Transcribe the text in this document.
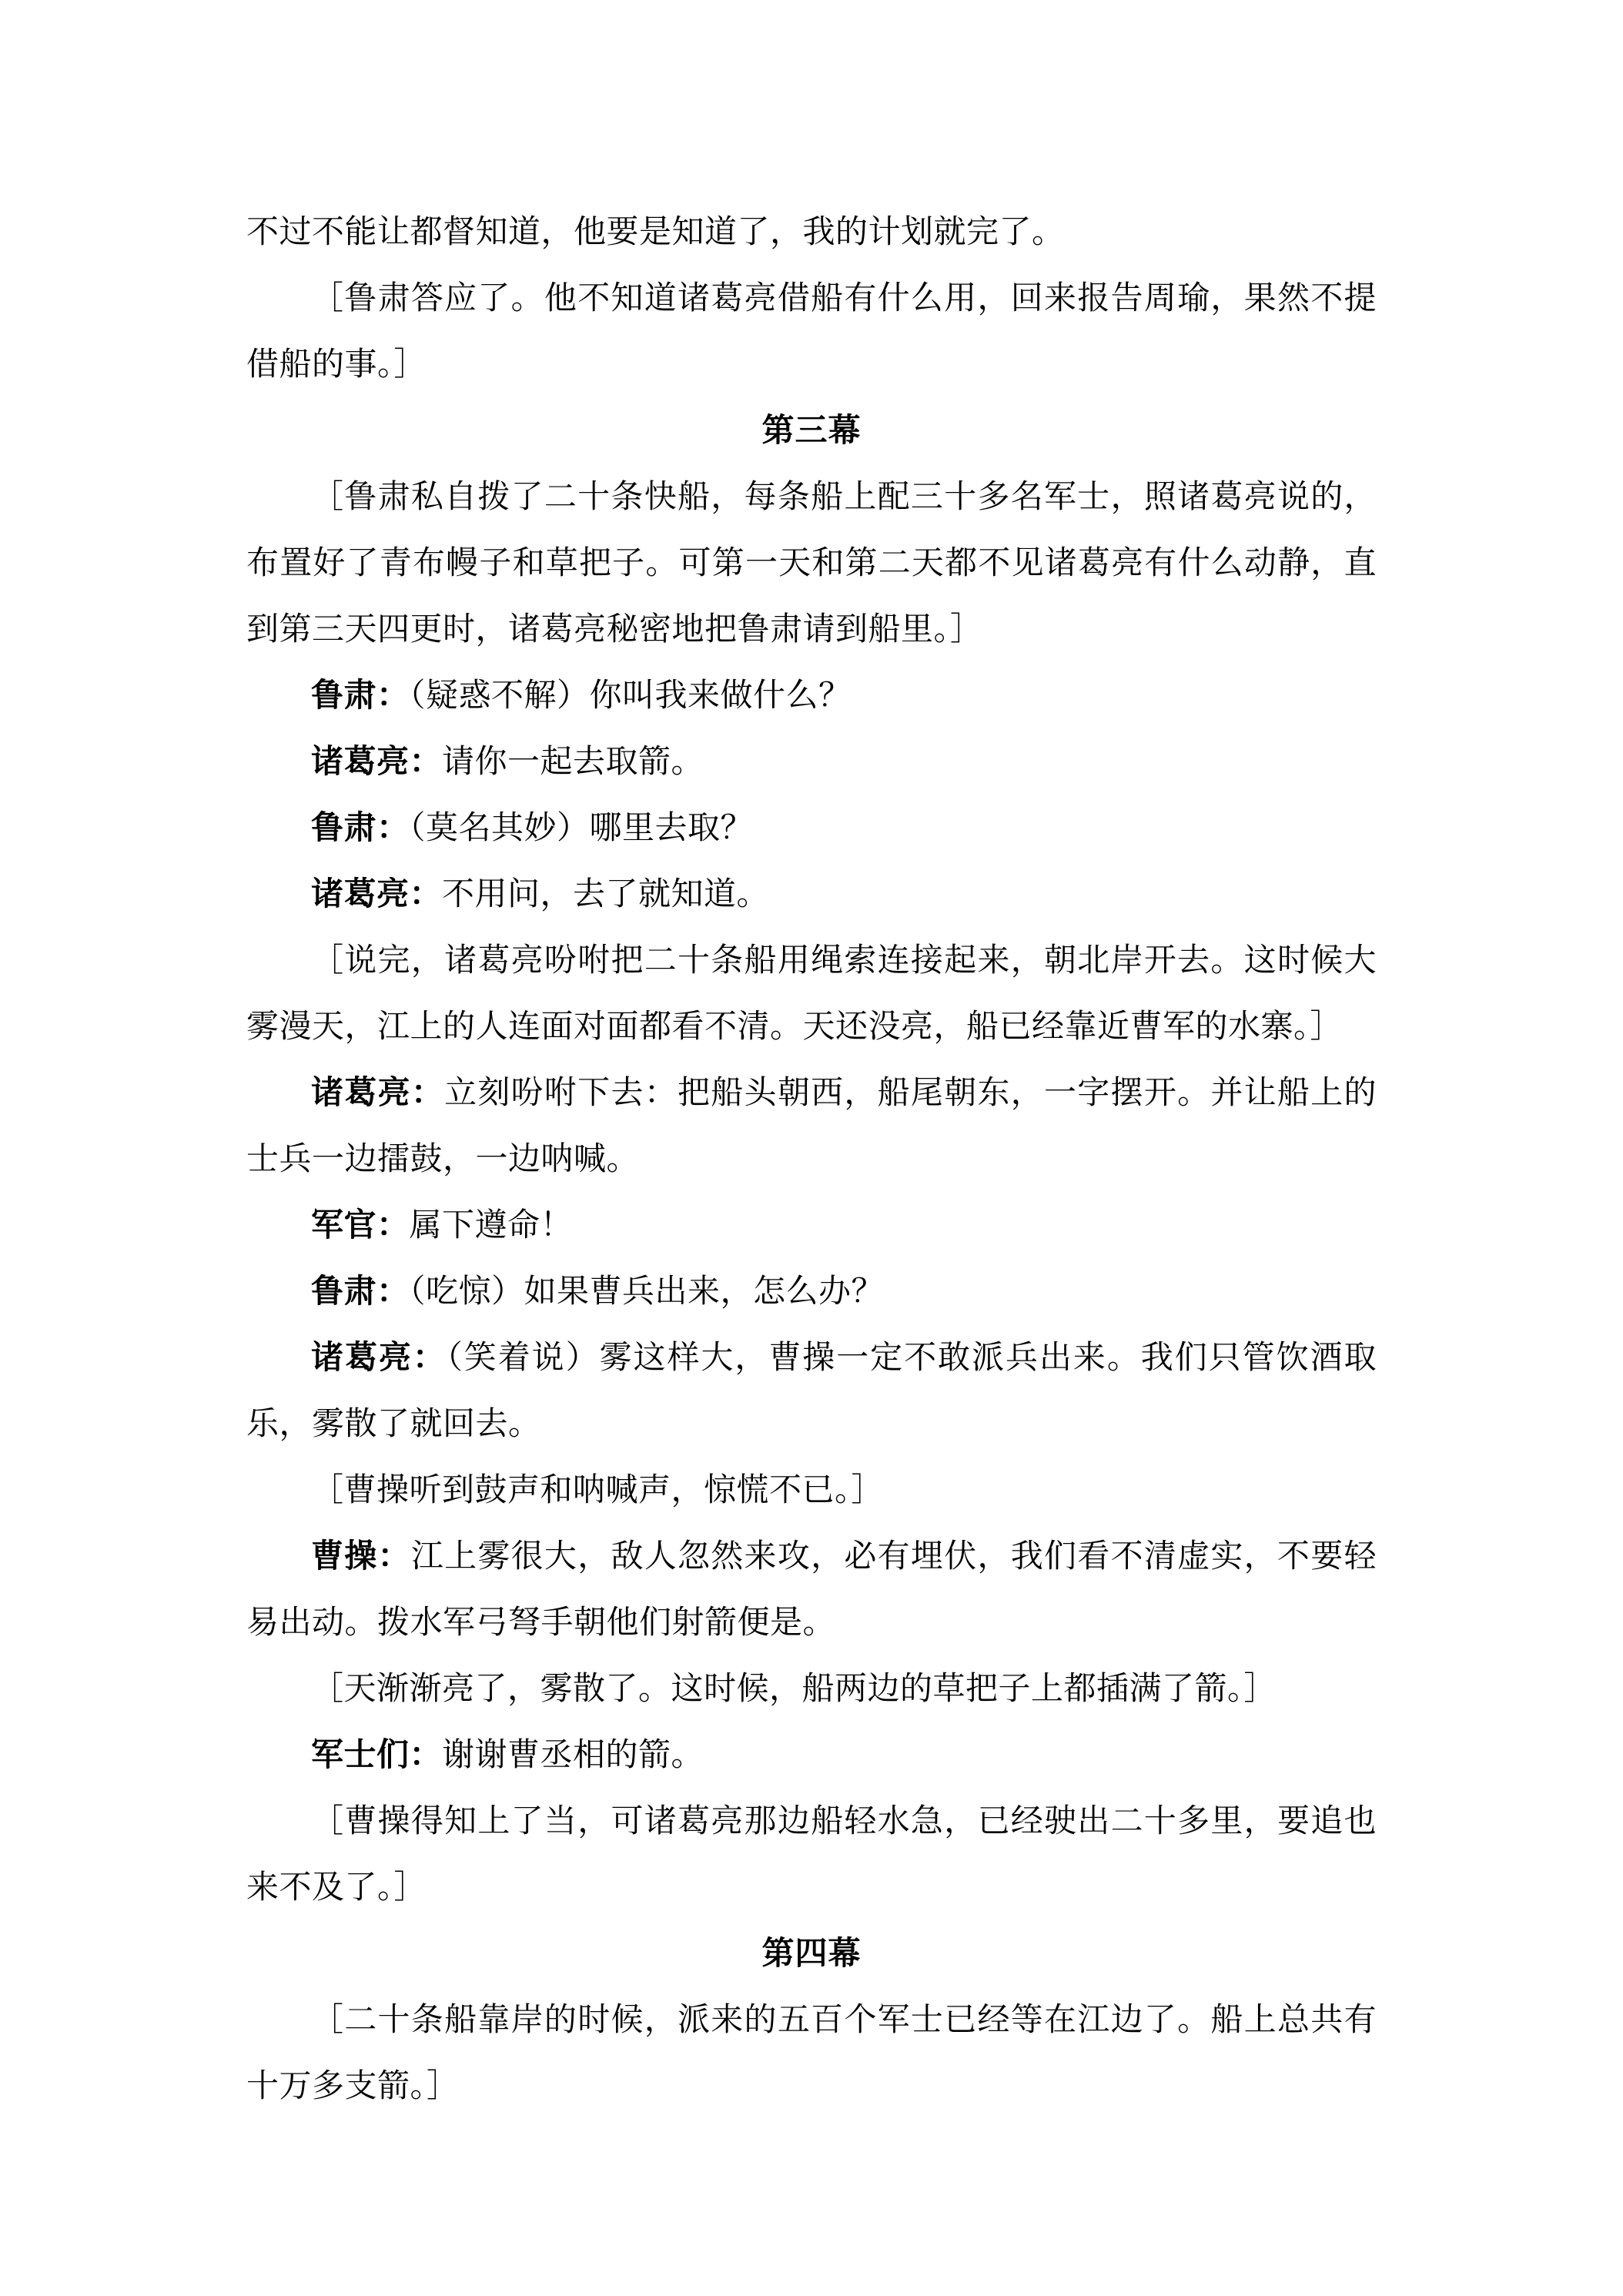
不过不能让都督知道，他要是知道了，我的计划就完了。

［鲁肃答应了。他不知道诸葛亮借船有什么用，回来报告周瑜，果然不提借船的事。］

第三幕

［鲁肃私自拨了二十条快船，每条船上配三十多名军士，照诸葛亮说的，布置好了青布幔子和草把子。可第一天和第二天都不见诸葛亮有什么动静，直到第三天四更时，诸葛亮秘密地把鲁肃请到船里。］

鲁肃：（疑惑不解）你叫我来做什么？

诸葛亮：请你一起去取箭。

鲁肃：（莫名其妙）哪里去取？

诸葛亮：不用问，去了就知道。

［说完，诸葛亮吩咐把二十条船用绳索连接起来，朝北岸开去。这时候大雾漫天，江上的人连面对面都看不清。天还没亮，船已经靠近曹军的水寨。］

诸葛亮：立刻吩咐下去：把船头朝西，船尾朝东，一字摆开。并让船上的士兵一边擂鼓，一边呐喊。

军官：属下遵命！

鲁肃：（吃惊）如果曹兵出来，怎么办？

诸葛亮：（笑着说）雾这样大，曹操一定不敢派兵出来。我们只管饮酒取乐，雾散了就回去。

［曹操听到鼓声和呐喊声，惊慌不已。］

曹操：江上雾很大，敌人忽然来攻，必有埋伏，我们看不清虚实，不要轻易出动。拨水军弓弩手朝他们射箭便是。

［天渐渐亮了，雾散了。这时候，船两边的草把子上都插满了箭。］

军士们：谢谢曹丞相的箭。

［曹操得知上了当，可诸葛亮那边船轻水急，已经驶出二十多里，要追也来不及了。］

第四幕

［二十条船靠岸的时候，派来的五百个军士已经等在江边了。船上总共有十万多支箭。］
